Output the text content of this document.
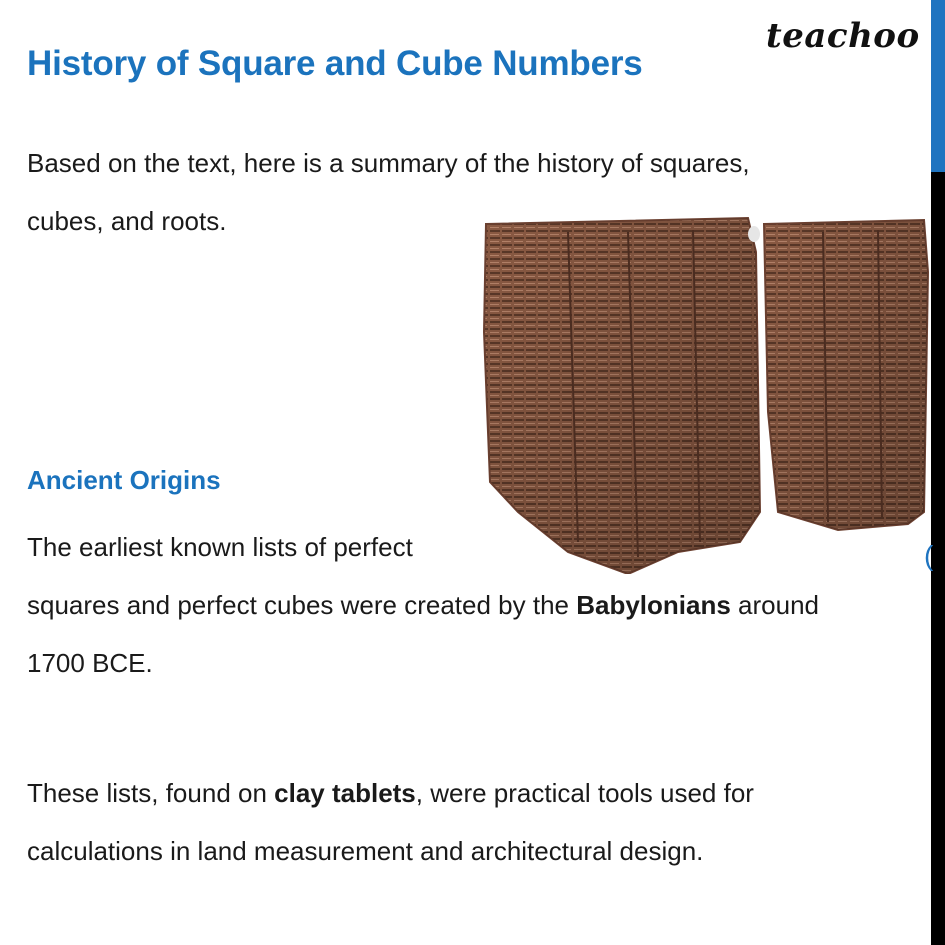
History of Square and Cube Numbers
teachoo

Based on the text, here is a summary of the history of squares,
cubes, and roots.

(
Ancient Origins

The earliest known lists of perfect

squares and perfect cubes were created by the Babylonians around

1700 BCE.

These lists, found on clay tablets, were practical tools used for
calculations in land measurement and architectural design.
